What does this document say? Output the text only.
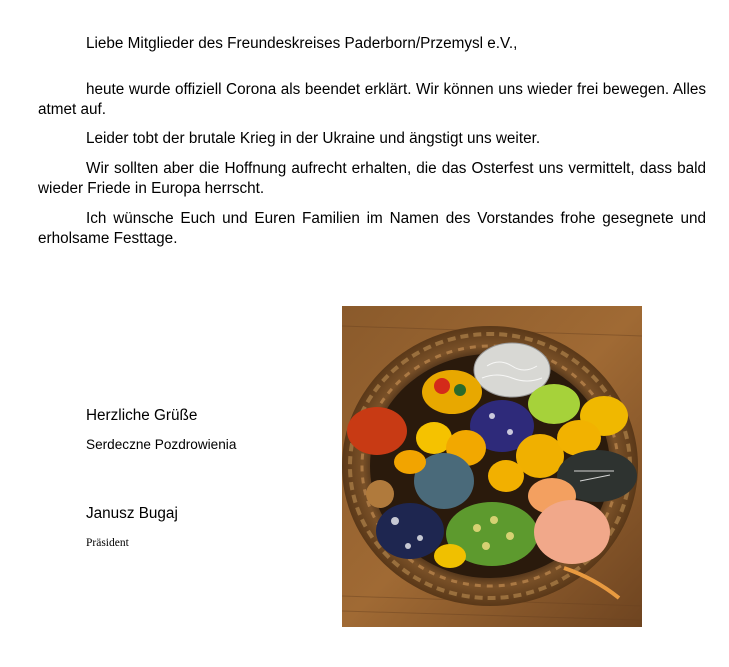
Liebe Mitglieder des Freundeskreises Paderborn/Przemysl e.V.,
heute wurde offiziell Corona als beendet erklärt. Wir können uns wieder frei bewegen. Alles atmet auf.
Leider tobt der brutale Krieg in der Ukraine und ängstigt uns weiter.
Wir sollten aber die Hoffnung aufrecht erhalten, die das Osterfest uns vermittelt, dass bald wieder Friede in Europa herrscht.
Ich wünsche Euch und Euren Familien im Namen des Vorstandes frohe gesegnete und erholsame Festtage.
Herzliche Grüße
Serdeczne Pozdrowienia
Janusz Bugaj
Präsident
